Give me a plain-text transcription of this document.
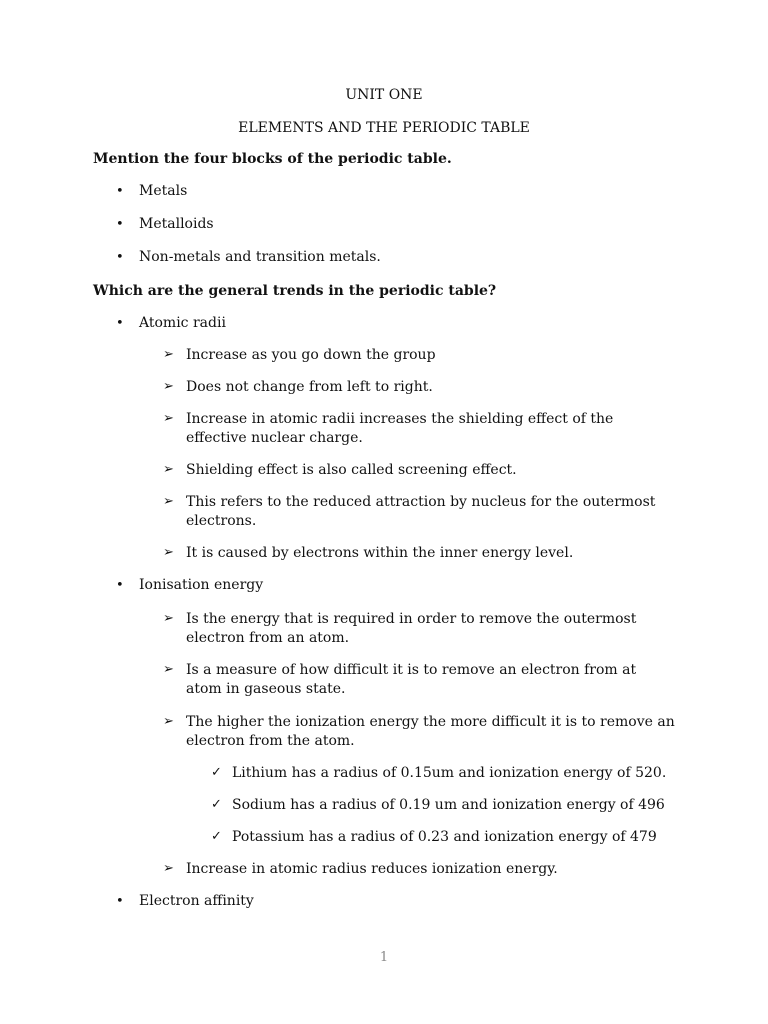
UNIT ONE
ELEMENTS AND THE PERIODIC TABLE
Mention the four blocks of the periodic table.
• Metals
• Metalloids
• Non-metals and transition metals.
Which are the general trends in the periodic table?
• Atomic radii
➢ Increase as you go down the group
➢ Does not change from left to right.
➢ Increase in atomic radii increases the shielding effect of the effective nuclear charge.
➢ Shielding effect is also called screening effect.
➢ This refers to the reduced attraction by nucleus for the outermost electrons.
➢ It is caused by electrons within the inner energy level.
• Ionisation energy
➢ Is the energy that is required in order to remove the outermost electron from an atom.
➢ Is a measure of how difficult it is to remove an electron from at atom in gaseous state.
➢ The higher the ionization energy the more difficult it is to remove an electron from the atom.
✓ Lithium has a radius of 0.15um and ionization energy of 520.
✓ Sodium has a radius of 0.19 um and ionization energy of 496
✓ Potassium has a radius of 0.23 and ionization energy of 479
➢ Increase in atomic radius reduces ionization energy.
• Electron affinity
1
